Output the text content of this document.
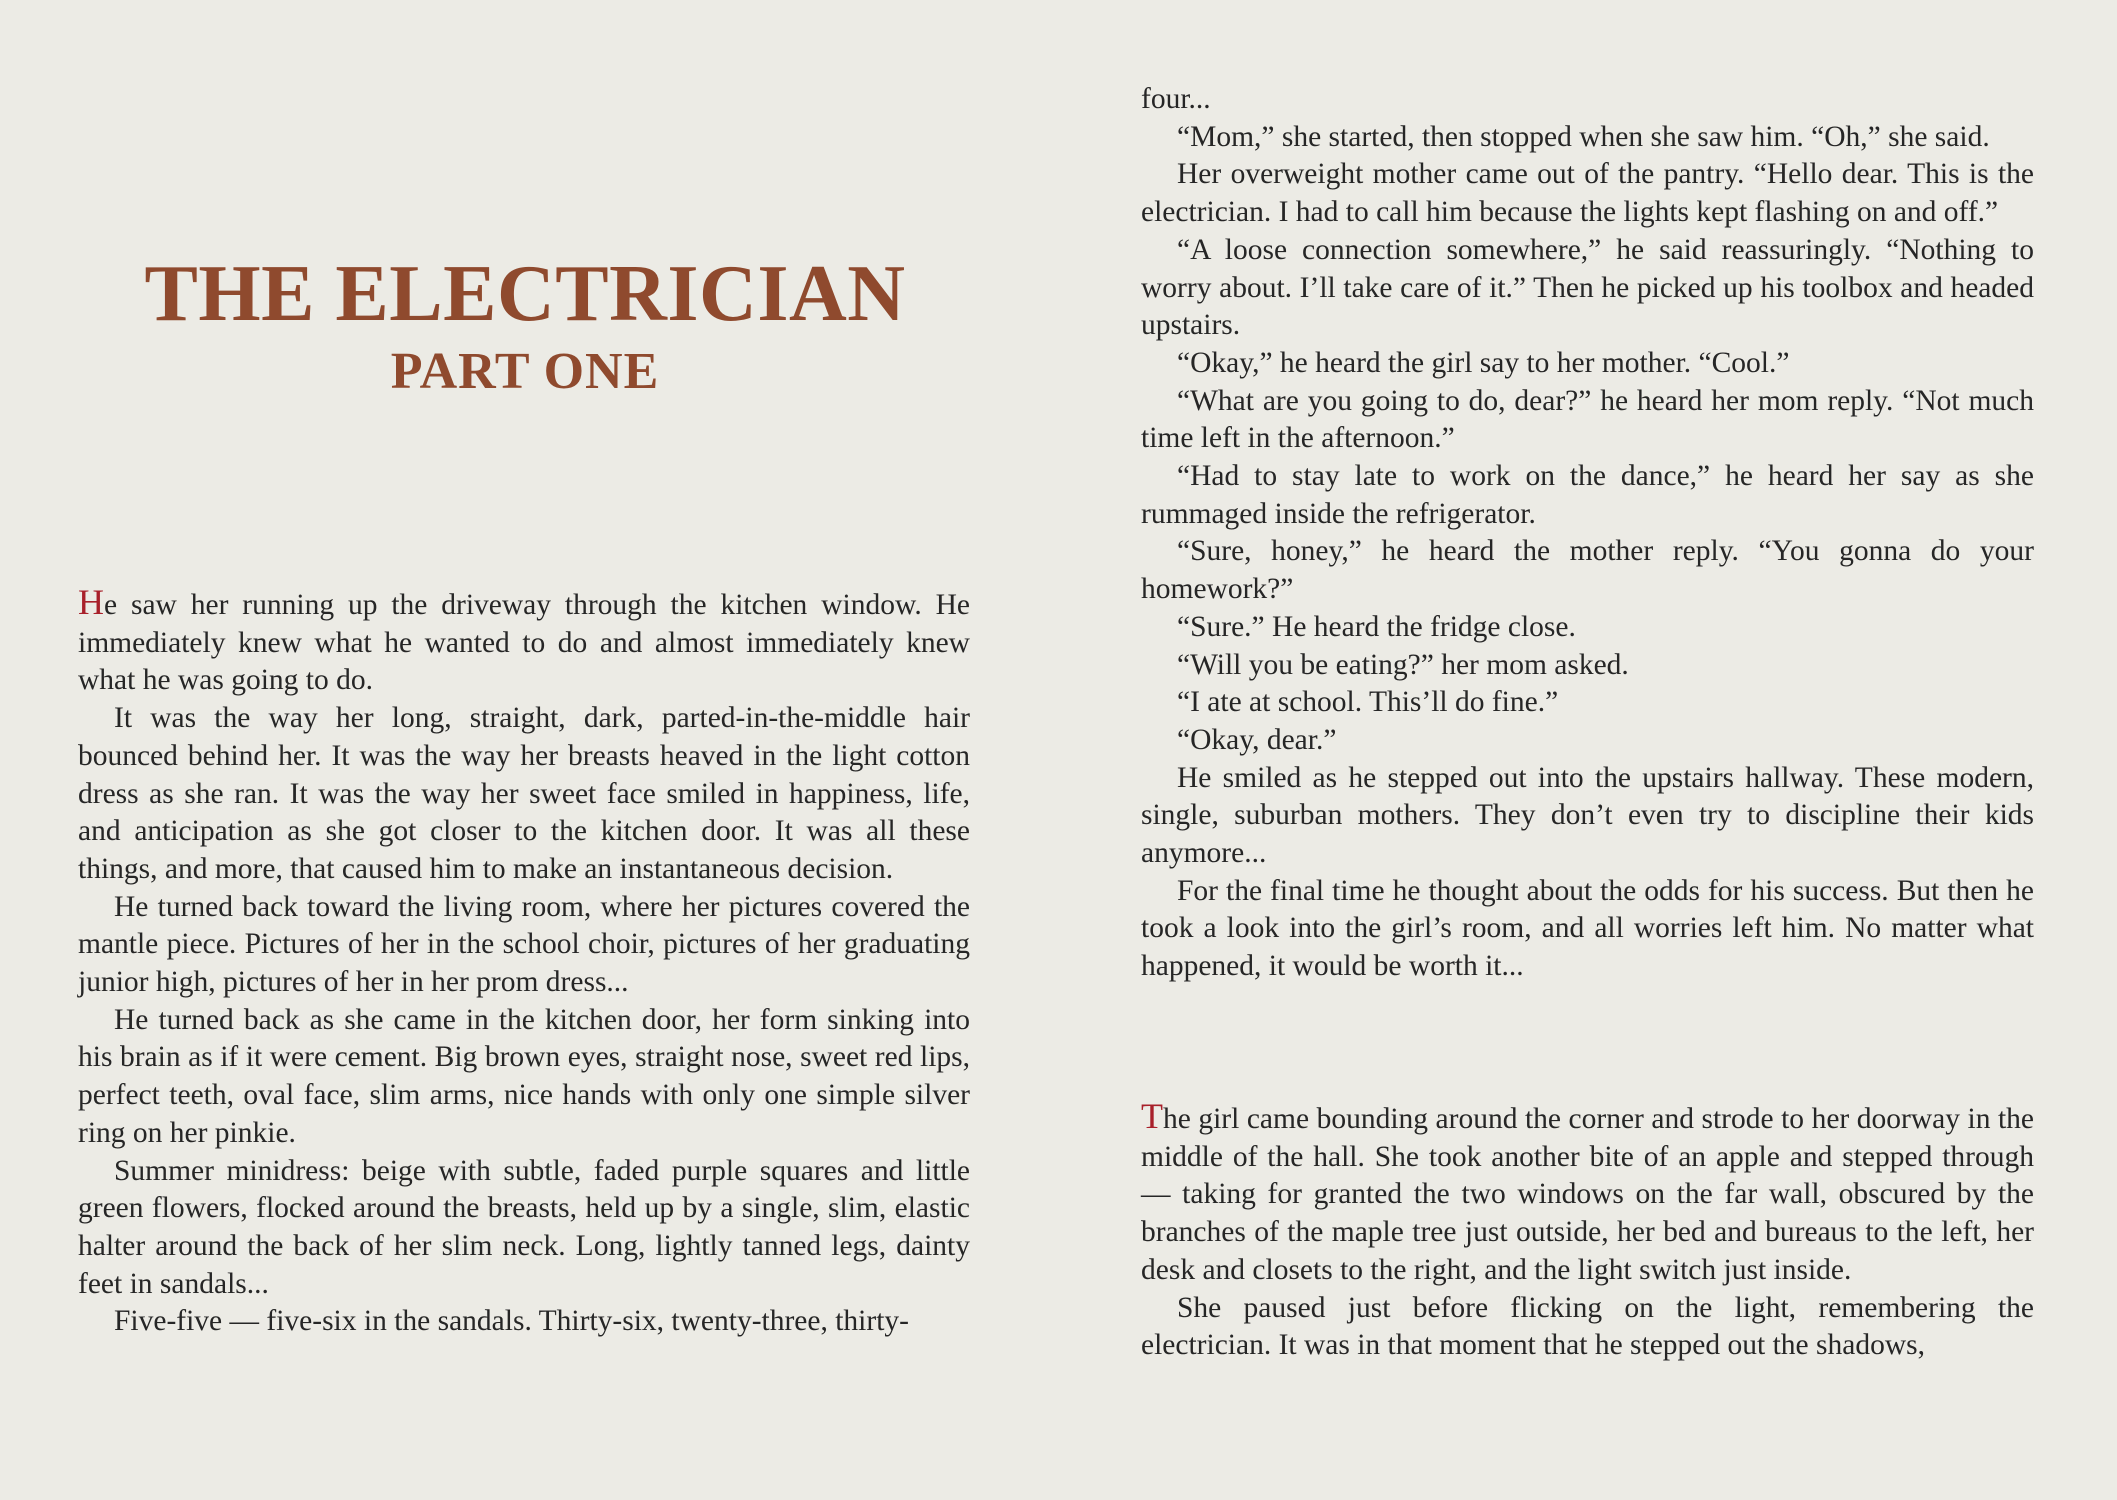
THE ELECTRICIAN
PART ONE

He saw her running up the driveway through the kitchen window. He immediately knew what he wanted to do and almost immediately knew what he was going to do.

It was the way her long, straight, dark, parted-in-the-middle hair bounced behind her. It was the way her breasts heaved in the light cotton dress as she ran. It was the way her sweet face smiled in happiness, life, and anticipation as she got closer to the kitchen door. It was all these things, and more, that caused him to make an instantaneous decision.

He turned back toward the living room, where her pictures covered the mantle piece. Pictures of her in the school choir, pictures of her graduating junior high, pictures of her in her prom dress...

He turned back as she came in the kitchen door, her form sinking into his brain as if it were cement. Big brown eyes, straight nose, sweet red lips, perfect teeth, oval face, slim arms, nice hands with only one simple silver ring on her pinkie.

Summer minidress: beige with subtle, faded purple squares and little green flowers, flocked around the breasts, held up by a single, slim, elastic halter around the back of her slim neck. Long, lightly tanned legs, dainty feet in sandals...

Five-five — five-six in the sandals. Thirty-six, twenty-three, thirty-

four...

“Mom,” she started, then stopped when she saw him. “Oh,” she said.

Her overweight mother came out of the pantry. “Hello dear. This is the electrician. I had to call him because the lights kept flashing on and off.”

“A loose connection somewhere,” he said reassuringly. “Nothing to worry about. I’ll take care of it.” Then he picked up his toolbox and headed upstairs.

“Okay,” he heard the girl say to her mother. “Cool.”

“What are you going to do, dear?” he heard her mom reply. “Not much time left in the afternoon.”

“Had to stay late to work on the dance,” he heard her say as she rummaged inside the refrigerator.

“Sure, honey,” he heard the mother reply. “You gonna do your homework?”

“Sure.” He heard the fridge close.

“Will you be eating?” her mom asked.

“I ate at school. This’ll do fine.”

“Okay, dear.”

He smiled as he stepped out into the upstairs hallway. These modern, single, suburban mothers. They don’t even try to discipline their kids anymore...

For the final time he thought about the odds for his success. But then he took a look into the girl’s room, and all worries left him. No matter what happened, it would be worth it...

The girl came bounding around the corner and strode to her doorway in the middle of the hall. She took another bite of an apple and stepped through — taking for granted the two windows on the far wall, obscured by the branches of the maple tree just outside, her bed and bureaus to the left, her desk and closets to the right, and the light switch just inside.

She paused just before flicking on the light, remembering the electrician. It was in that moment that he stepped out the shadows,
